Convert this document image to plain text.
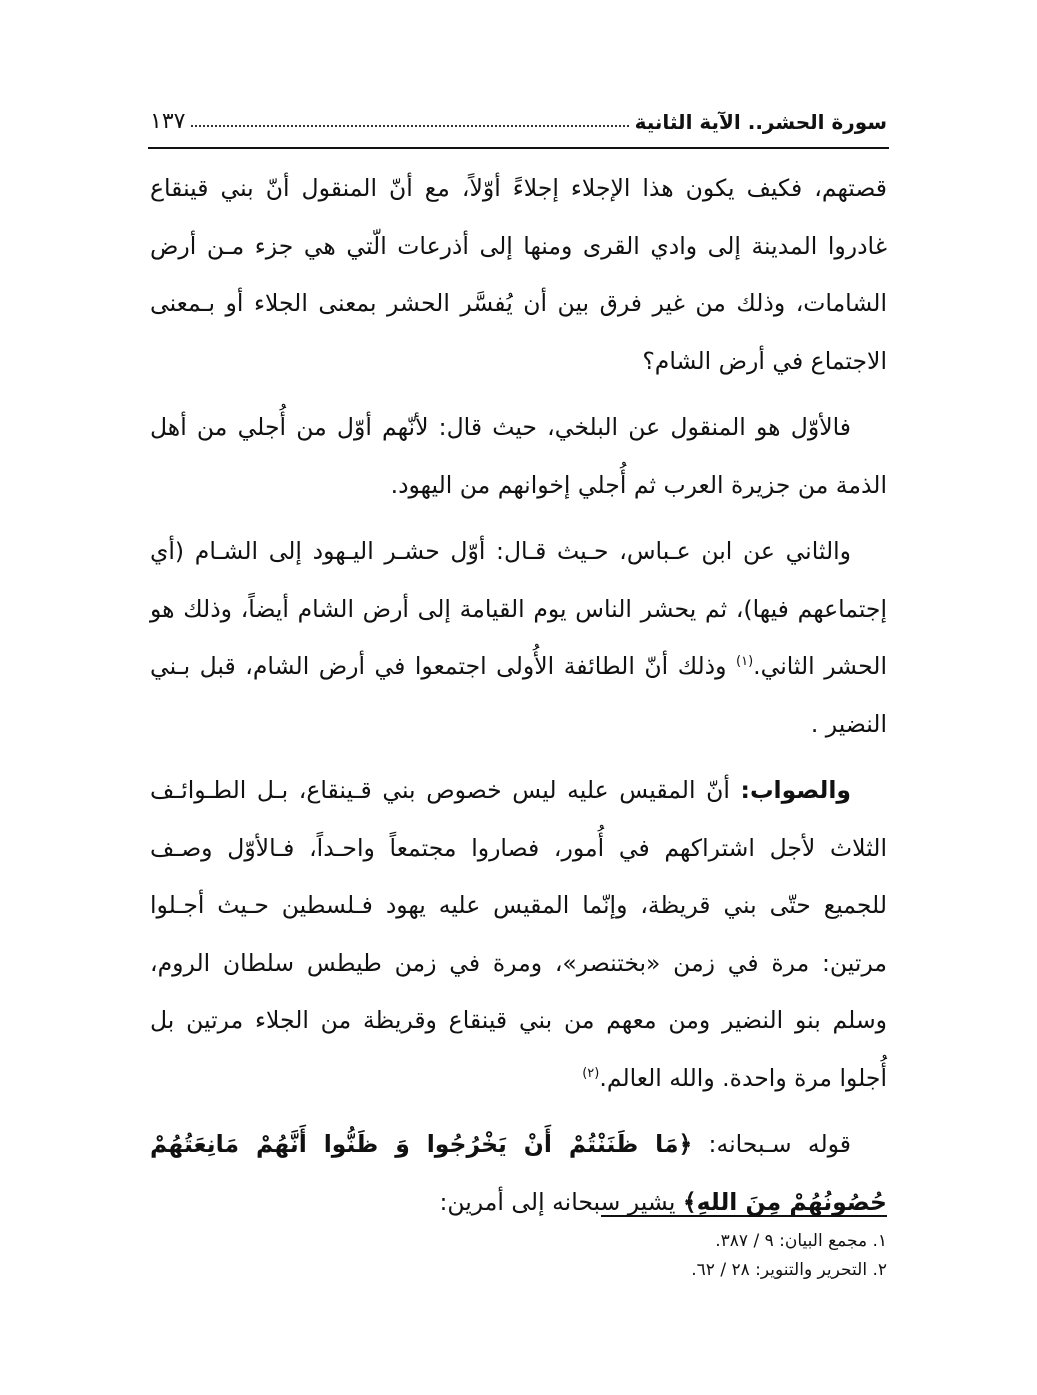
سورة الحشر.. الآية الثانية
١٣٧

قصتهم، فكيف يكون هذا الإجلاء إجلاءً أوّلاً، مع أنّ المنقول أنّ بني قينقاع غادروا المدينة إلى وادي القرى ومنها إلى أذرعات الّتي هي جزء مـن أرض الشامات، وذلك من غير فرق بين أن يُفسَّر الحشر بمعنى الجلاء أو بـمعنى الاجتماع في أرض الشام؟

فالأوّل هو المنقول عن البلخي، حيث قال: لأنّهم أوّل من أُجلي من أهل الذمة من جزيرة العرب ثم أُجلي إخوانهم من اليهود.

والثاني عن ابن عـباس، حـيث قـال: أوّل حشـر اليـهود إلى الشـام (أي إجتماعهم فيها)، ثم يحشر الناس يوم القيامة إلى أرض الشام أيضاً، وذلك هو الحشر الثاني.$^{(١)}$ وذلك أنّ الطائفة الأُولى اجتمعوا في أرض الشام، قبل بـني النضير .

والصواب: أنّ المقيس عليه ليس خصوص بني قـينقاع، بـل الطـوائـف الثلاث لأجل اشتراكهم في أُمور، فصاروا مجتمعاً واحـداً، فـالأوّل وصـف للجميع حتّى بني قريظة، وإنّما المقيس عليه يهود فـلسطين حـيث أجـلوا مرتين: مرة في زمن «بختنصر»، ومرة في زمن طيطس سلطان الروم، وسلم بنو النضير ومن معهم من بني قينقاع وقريظة من الجلاء مرتين بل أُجلوا مرة واحدة. والله العالم.$^{(٢)}$

قوله سـبحانه: ﴿مَا ظَنَنْتُمْ أَنْ يَخْرُجُوا وَ ظَنُّوا أَنَّهُمْ مَانِعَتُهُمْ حُصُونُهُمْ مِنَ اللهِ﴾ يشير سبحانه إلى أمرين:

١. مجمع البيان: ٩ / ٣٨٧.

٢. التحرير والتنوير: ٢٨ / ٦٢.
